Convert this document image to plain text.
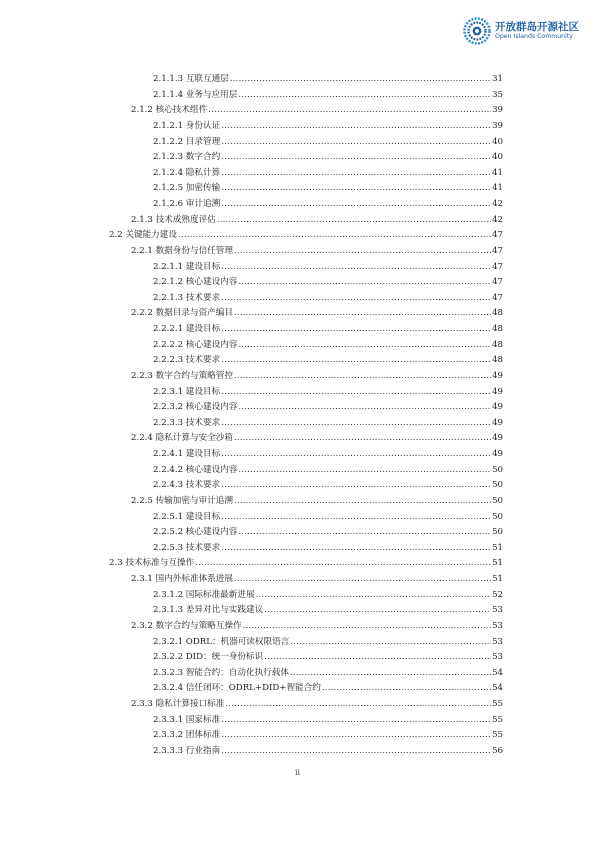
开放群岛开源社区
Open Islands Community
2.1.1.3 互联互通层 .....	31
2.1.1.4 业务与应用层 .....	35
2.1.2 核心技术组件 .....	39
2.1.2.1 身份认证 .....	39
2.1.2.2 目录管理 .....	40
2.1.2.3 数字合约 .....	40
2.1.2.4 隐私计算 .....	41
2.1.2.5 加密传输 .....	41
2.1.2.6 审计追溯 .....	42
2.1.3 技术成熟度评估 .....	42
2.2 关键能力建设 .....	47
2.2.1 数据身份与信任管理 .....	47
2.2.1.1 建设目标 .....	47
2.2.1.2 核心建设内容 .....	47
2.2.1.3 技术要求 .....	47
2.2.2 数据目录与资产编目 .....	48
2.2.2.1 建设目标 .....	48
2.2.2.2 核心建设内容 .....	48
2.2.2.3 技术要求 .....	48
2.2.3 数字合约与策略管控 .....	49
2.2.3.1 建设目标 .....	49
2.2.3.2 核心建设内容 .....	49
2.2.3.3 技术要求 .....	49
2.2.4 隐私计算与安全沙箱 .....	49
2.2.4.1 建设目标 .....	49
2.2.4.2 核心建设内容 .....	50
2.2.4.3 技术要求 .....	50
2.2.5 传输加密与审计追溯 .....	50
2.2.5.1 建设目标 .....	50
2.2.5.2 核心建设内容 .....	50
2.2.5.3 技术要求 .....	51
2.3 技术标准与互操作 .....	51
2.3.1 国内外标准体系进展 .....	51
2.3.1.2 国际标准最新进展 .....	52
2.3.1.3 差异对比与实践建议 .....	53
2.3.2 数字合约与策略互操作 .....	53
2.3.2.1 ODRL：机器可读权限语言 .....	53
2.3.2.2 DID：统一身份标识 .....	53
2.3.2.3 智能合约：自动化执行载体 .....	54
2.3.2.4 信任闭环：ODRL+DID+智能合约 .....	54
2.3.3 隐私计算接口标准 .....	55
2.3.3.1 国家标准 .....	55
2.3.3.2 团体标准 .....	55
2.3.3.3 行业指南 .....	56
ii
